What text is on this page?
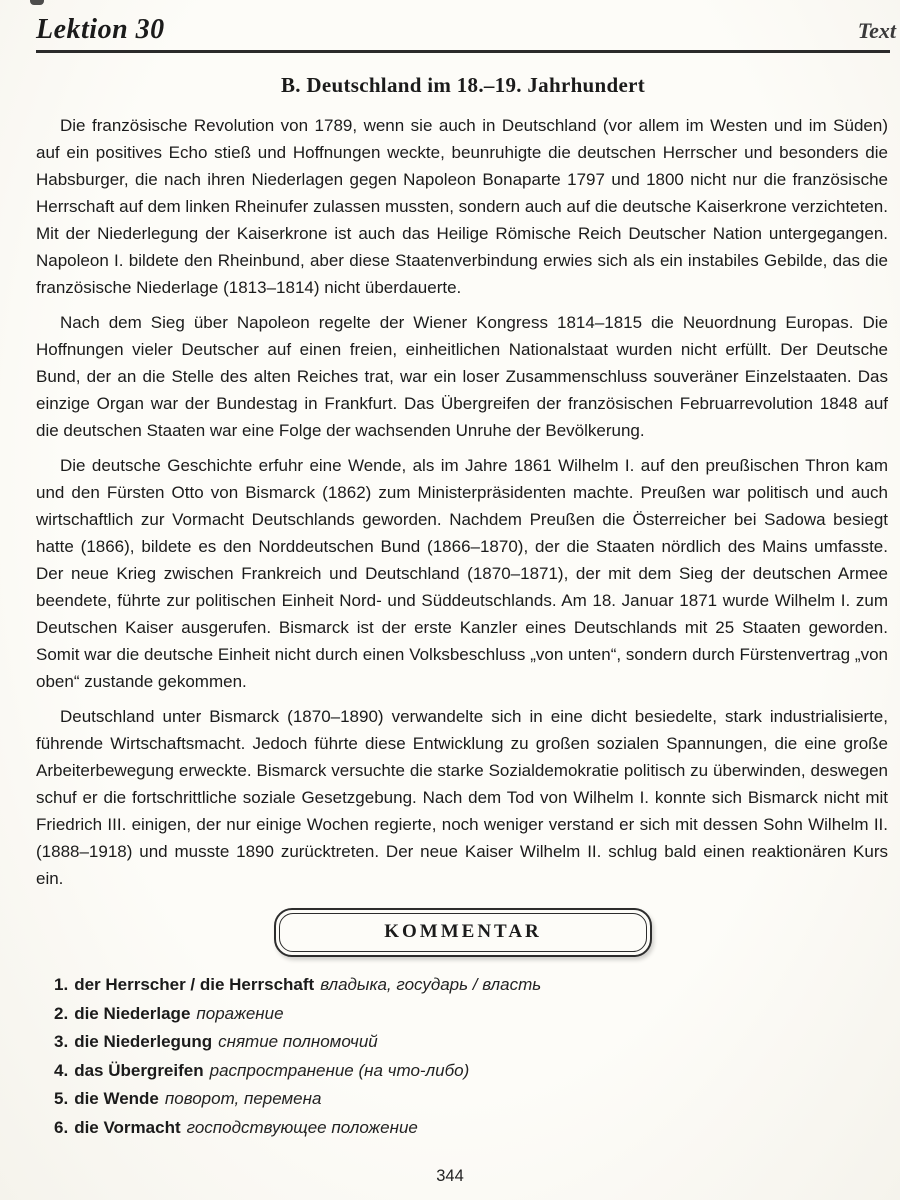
Lektion 30	Text
B. Deutschland im 18.–19. Jahrhundert

Die französische Revolution von 1789, wenn sie auch in Deutschland (vor allem im Westen und im Süden) auf ein positives Echo stieß und Hoffnungen weckte, beunruhigte die deutschen Herrscher und besonders die Habsburger, die nach ihren Niederlagen gegen Napoleon Bonaparte 1797 und 1800 nicht nur die französische Herrschaft auf dem linken Rheinufer zulassen mussten, sondern auch auf die deutsche Kaiserkrone verzichteten. Mit der Niederlegung der Kaiserkrone ist auch das Heilige Römische Reich Deutscher Nation untergegangen. Napoleon I. bildete den Rheinbund, aber diese Staatenverbindung erwies sich als ein instabiles Gebilde, das die französische Niederlage (1813–1814) nicht überdauerte.

Nach dem Sieg über Napoleon regelte der Wiener Kongress 1814–1815 die Neuordnung Europas. Die Hoffnungen vieler Deutscher auf einen freien, einheitlichen Nationalstaat wurden nicht erfüllt. Der Deutsche Bund, der an die Stelle des alten Reiches trat, war ein loser Zusammenschluss souveräner Einzelstaaten. Das einzige Organ war der Bundestag in Frankfurt. Das Übergreifen der französischen Februarrevolution 1848 auf die deutschen Staaten war eine Folge der wachsenden Unruhe der Bevölkerung.

Die deutsche Geschichte erfuhr eine Wende, als im Jahre 1861 Wilhelm I. auf den preußischen Thron kam und den Fürsten Otto von Bismarck (1862) zum Ministerpräsidenten machte. Preußen war politisch und auch wirtschaftlich zur Vormacht Deutschlands geworden. Nachdem Preußen die Österreicher bei Sadowa besiegt hatte (1866), bildete es den Norddeutschen Bund (1866–1870), der die Staaten nördlich des Mains umfasste. Der neue Krieg zwischen Frankreich und Deutschland (1870–1871), der mit dem Sieg der deutschen Armee beendete, führte zur politischen Einheit Nord- und Süddeutschlands. Am 18. Januar 1871 wurde Wilhelm I. zum Deutschen Kaiser ausgerufen. Bismarck ist der erste Kanzler eines Deutschlands mit 25 Staaten geworden. Somit war die deutsche Einheit nicht durch einen Volksbeschluss „von unten“, sondern durch Fürstenvertrag „von oben“ zustande gekommen.

Deutschland unter Bismarck (1870–1890) verwandelte sich in eine dicht besiedelte, stark industrialisierte, führende Wirtschaftsmacht. Jedoch führte diese Entwicklung zu großen sozialen Spannungen, die eine große Arbeiterbewegung erweckte. Bismarck versuchte die starke Sozialdemokratie politisch zu überwinden, deswegen schuf er die fortschrittliche soziale Gesetzgebung. Nach dem Tod von Wilhelm I. konnte sich Bismarck nicht mit Friedrich III. einigen, der nur einige Wochen regierte, noch weniger verstand er sich mit dessen Sohn Wilhelm II. (1888–1918) und musste 1890 zurücktreten. Der neue Kaiser Wilhelm II. schlug bald einen reaktionären Kurs ein.

KOMMENTAR
1. der Herrscher / die Herrschaft владыка, государь / власть
2. die Niederlage поражение
3. die Niederlegung снятие полномочий
4. das Übergreifen распространение (на что-либо)
5. die Wende поворот, перемена
6. die Vormacht господствующее положение
344
